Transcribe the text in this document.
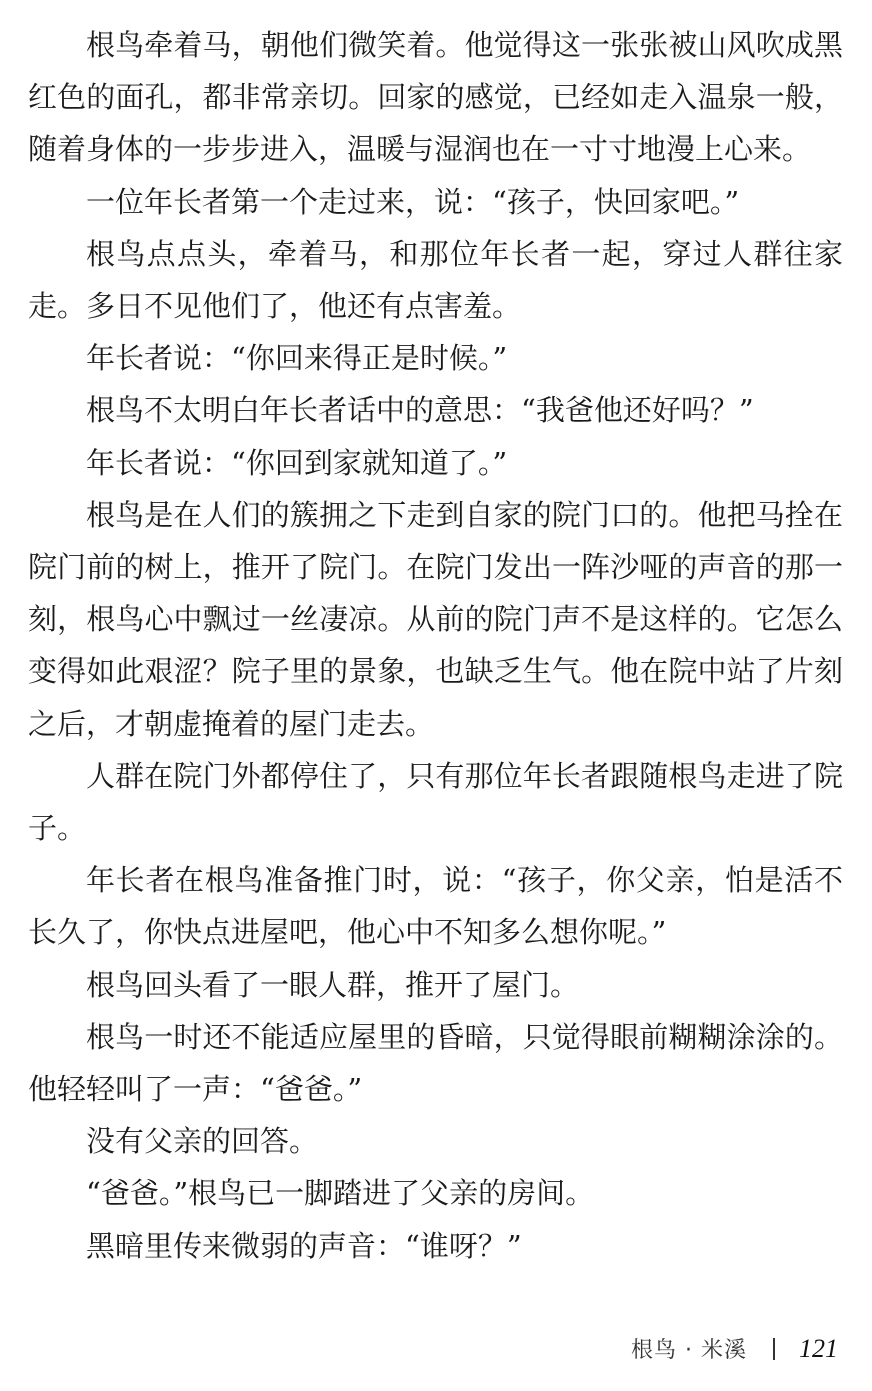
根鸟牵着马，朝他们微笑着。他觉得这一张张被山风吹成黑红色的面孔，都非常亲切。回家的感觉，已经如走入温泉一般，随着身体的一步步进入，温暖与湿润也在一寸寸地漫上心来。

一位年长者第一个走过来，说：“孩子，快回家吧。”

根鸟点点头，牵着马，和那位年长者一起，穿过人群往家走。多日不见他们了，他还有点害羞。

年长者说：“你回来得正是时候。”

根鸟不太明白年长者话中的意思：“我爸他还好吗？”

年长者说：“你回到家就知道了。”

根鸟是在人们的簇拥之下走到自家的院门口的。他把马拴在院门前的树上，推开了院门。在院门发出一阵沙哑的声音的那一刻，根鸟心中飘过一丝凄凉。从前的院门声不是这样的。它怎么变得如此艰涩？院子里的景象，也缺乏生气。他在院中站了片刻之后，才朝虚掩着的屋门走去。

人群在院门外都停住了，只有那位年长者跟随根鸟走进了院子。

年长者在根鸟准备推门时，说：“孩子，你父亲，怕是活不长久了，你快点进屋吧，他心中不知多么想你呢。”

根鸟回头看了一眼人群，推开了屋门。

根鸟一时还不能适应屋里的昏暗，只觉得眼前糊糊涂涂的。他轻轻叫了一声：“爸爸。”

没有父亲的回答。

“爸爸。”根鸟已一脚踏进了父亲的房间。

黑暗里传来微弱的声音：“谁呀？”

根鸟 · 米溪 121
